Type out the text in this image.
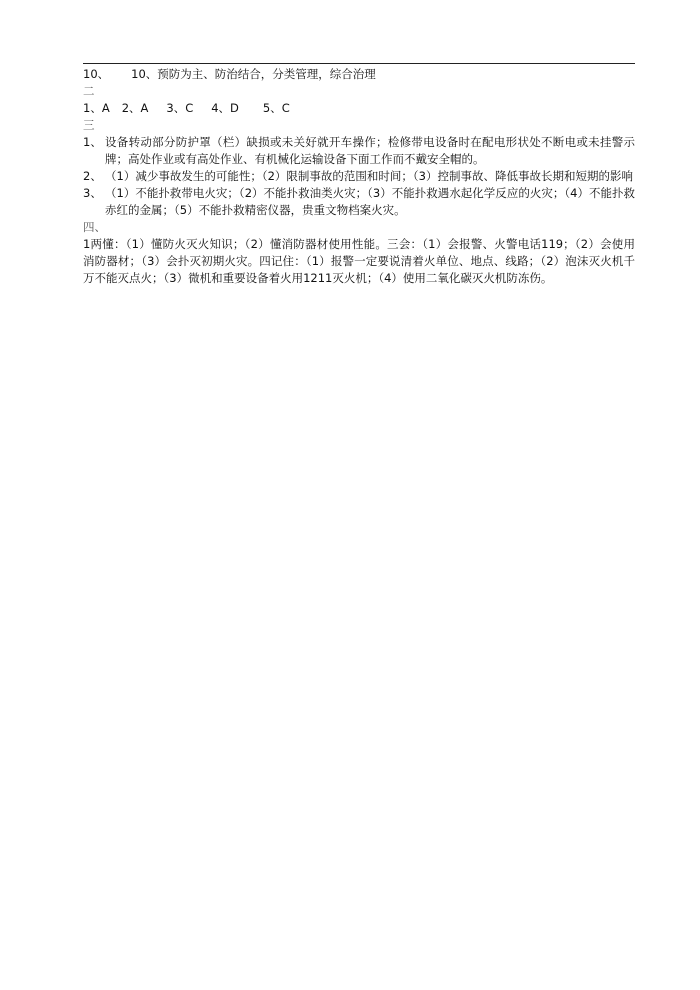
10、 10、预防为主、防治结合，分类管理，综合治理
二
1、A 2、A 3、C 4、D 5、C
三
1、 设备转动部分防护罩（栏）缺损或未关好就开车操作；检修带电设备时在配电形状处不断电或未挂警示牌；高处作业或有高处作业、有机械化运输设备下面工作而不戴安全帽的。
2、 （1）减少事故发生的可能性；（2）限制事故的范围和时间；（3）控制事故、降低事故长期和短期的影响
3、 （1）不能扑救带电火灾；（2）不能扑救油类火灾；（3）不能扑救遇水起化学反应的火灾；（4）不能扑救赤红的金属；（5）不能扑救精密仪器，贵重文物档案火灾。
四、
1两懂：（1）懂防火灭火知识；（2）懂消防器材使用性能。三会：（1）会报警、火警电话119；（2）会使用消防器材；（3）会扑灭初期火灾。四记住：（1）报警一定要说清着火单位、地点、线路；（2）泡沫灭火机千万不能灭点火；（3）微机和重要设备着火用1211灭火机；（4）使用二氧化碳灭火机防冻伤。
